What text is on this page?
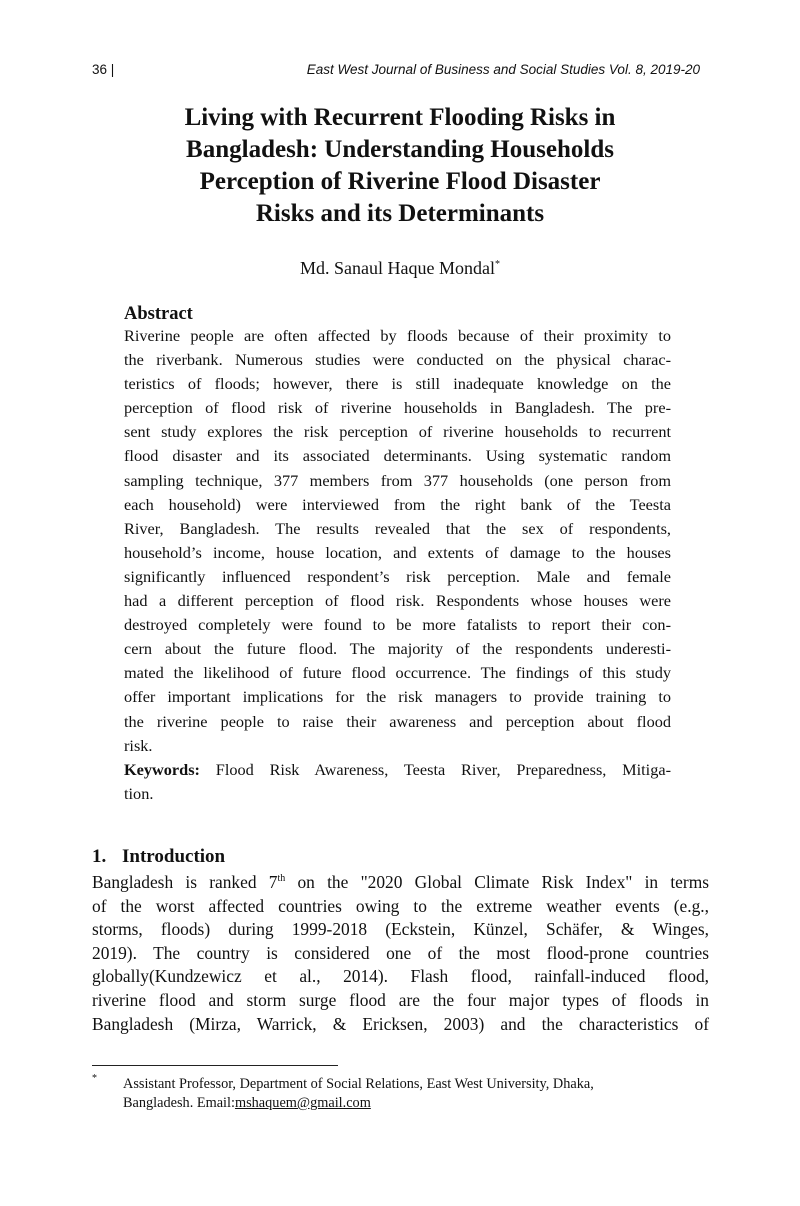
36 |	East West Journal of Business and Social Studies Vol. 8, 2019-20
Living with Recurrent Flooding Risks in
Bangladesh: Understanding Households
Perception of Riverine Flood Disaster
Risks and its Determinants
Md. Sanaul Haque Mondal*
Abstract
Riverine people are often affected by floods because of their proximity to
the riverbank. Numerous studies were conducted on the physical charac-
teristics of floods; however, there is still inadequate knowledge on the
perception of flood risk of riverine households in Bangladesh. The pre-
sent study explores the risk perception of riverine households to recurrent
flood disaster and its associated determinants. Using systematic random
sampling technique, 377 members from 377 households (one person from
each household) were interviewed from the right bank of the Teesta
River, Bangladesh. The results revealed that the sex of respondents,
household’s income, house location, and extents of damage to the houses
significantly influenced respondent’s risk perception. Male and female
had a different perception of flood risk. Respondents whose houses were
destroyed completely were found to be more fatalists to report their con-
cern about the future flood. The majority of the respondents underesti-
mated the likelihood of future flood occurrence. The findings of this study
offer important implications for the risk managers to provide training to
the riverine people to raise their awareness and perception about flood
risk.
Keywords: Flood Risk Awareness, Teesta River, Preparedness, Mitiga-
tion.
1. Introduction
Bangladesh is ranked 7th on the "2020 Global Climate Risk Index" in terms
of the worst affected countries owing to the extreme weather events (e.g.,
storms, floods) during 1999-2018 (Eckstein, Künzel, Schäfer, & Winges,
2019). The country is considered one of the most flood-prone countries
globally(Kundzewicz et al., 2014). Flash flood, rainfall-induced flood,
riverine flood and storm surge flood are the four major types of floods in
Bangladesh (Mirza, Warrick, & Ericksen, 2003) and the characteristics of
* Assistant Professor, Department of Social Relations, East West University, Dhaka,
Bangladesh. Email:mshaquem@gmail.com
